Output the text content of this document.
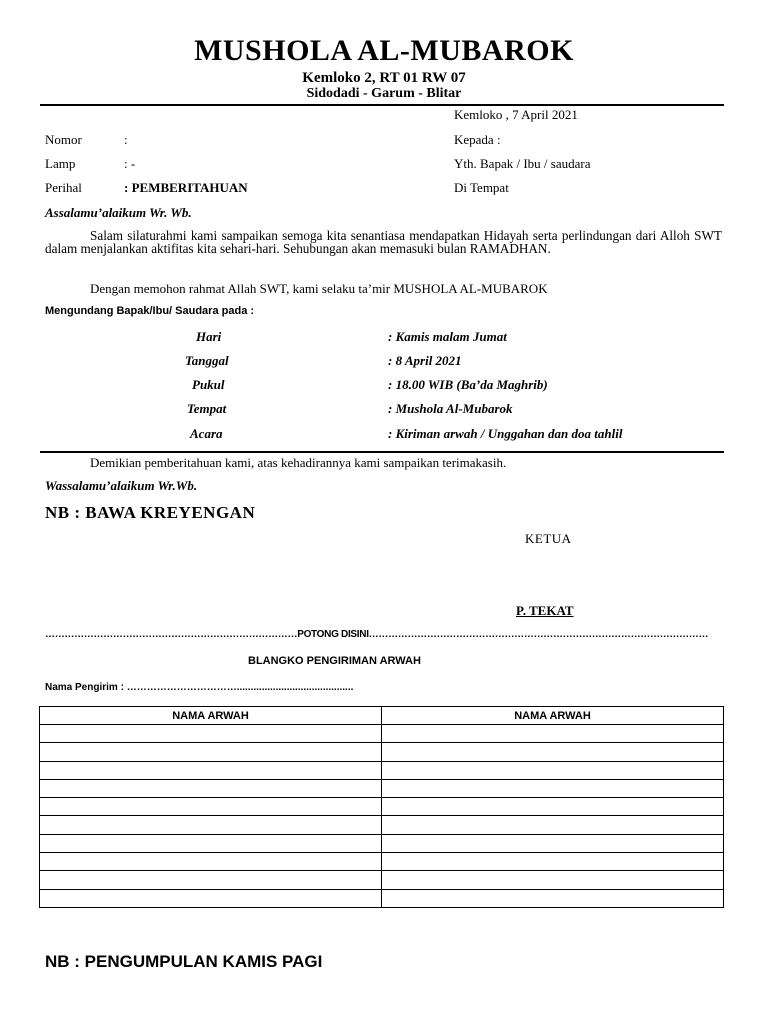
MUSHOLA AL-MUBAROK
Kemloko 2, RT 01 RW 07
Sidodadi - Garum - Blitar
Kemloko , 7 April 2021
Nomor	:
Lamp	: -
Perihal	: PEMBERITAHUAN
Kepada :
Yth. Bapak / Ibu / saudara
Di Tempat
Assalamu’alaikum Wr. Wb.
Salam silaturahmi kami sampaikan semoga kita senantiasa mendapatkan Hidayah serta perlindungan dari Alloh SWT dalam menjalankan aktifitas kita sehari-hari. Sehubungan akan memasuki bulan RAMADHAN.
Dengan memohon rahmat Allah SWT, kami selaku ta’mir MUSHOLA AL-MUBAROK
Mengundang Bapak/Ibu/ Saudara pada :
Hari	: Kamis malam Jumat
Tanggal	: 8 April 2021
Pukul	: 18.00 WIB (Ba’da Maghrib)
Tempat	: Mushola Al-Mubarok
Acara	: Kiriman arwah / Unggahan dan doa tahlil
Demikian pemberitahuan kami, atas kehadirannya kami sampaikan terimakasih.
Wassalamu’alaikum Wr.Wb.
NB : BAWA KREYENGAN
KETUA
P. TEKAT
……………………………………………………………………POTONG DISINI……………………………………………………………………………………………
BLANGKO PENGIRIMAN ARWAH
Nama Pengirim : ……………………………..........................................
NAMA ARWAH	NAMA ARWAH

NB : PENGUMPULAN KAMIS PAGI
